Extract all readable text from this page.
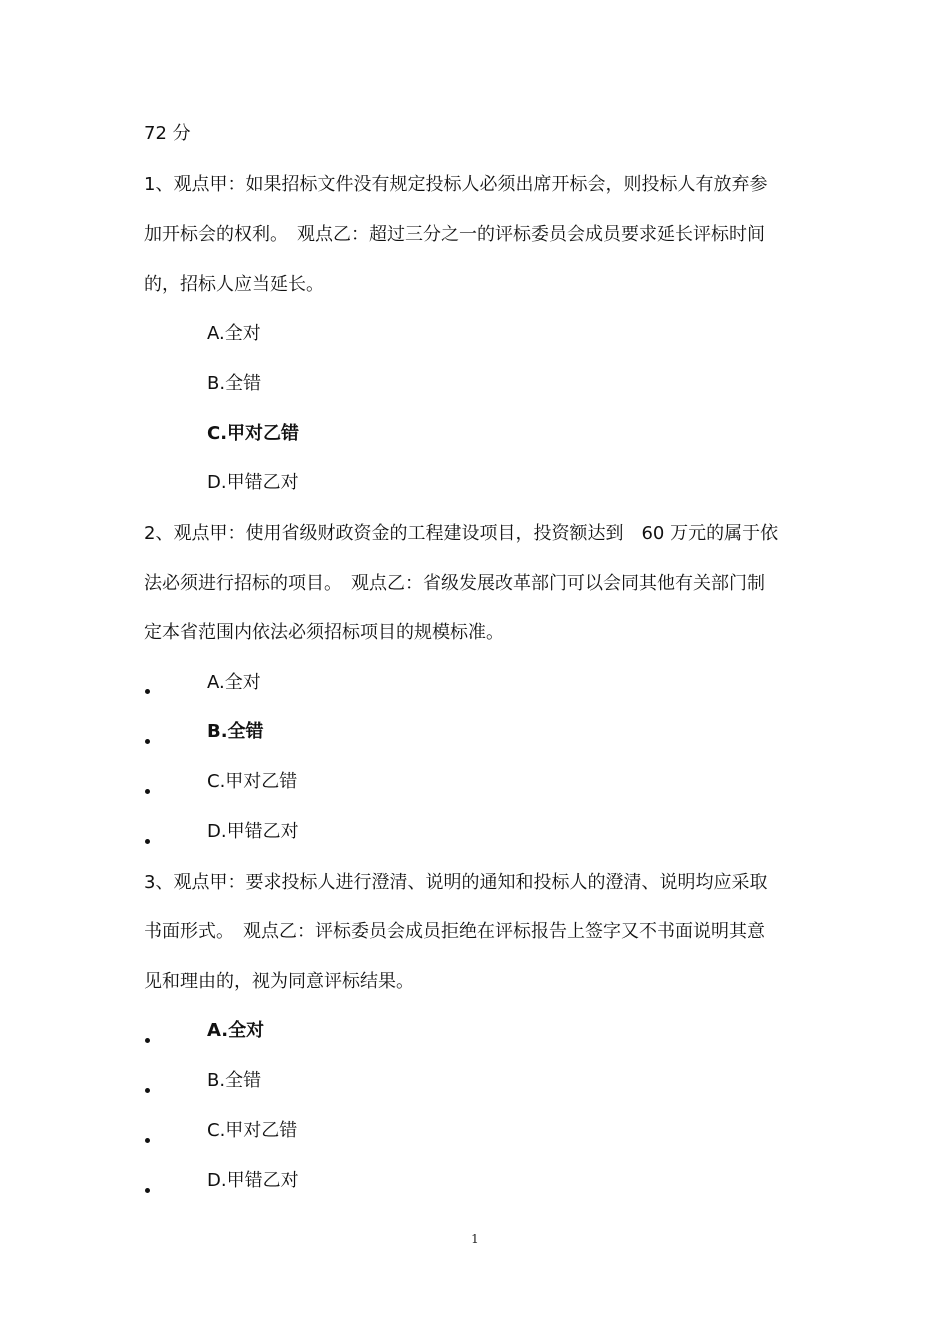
72 分
1、观点甲：如果招标文件没有规定投标人必须出席开标会，则投标人有放弃参
加开标会的权利。　观点乙：超过三分之一的评标委员会成员要求延长评标时间
的，招标人应当延长。
A.全对
B.全错
C.甲对乙错
D.甲错乙对
2、观点甲：使用省级财政资金的工程建设项目，投资额达到　60 万元的属于依
法必须进行招标的项目。　观点乙：省级发展改革部门可以会同其他有关部门制
定本省范围内依法必须招标项目的规模标准。
A.全对
B.全错
C.甲对乙错
D.甲错乙对
3、观点甲：要求投标人进行澄清、说明的通知和投标人的澄清、说明均应采取
书面形式。　观点乙：评标委员会成员拒绝在评标报告上签字又不书面说明其意
见和理由的，视为同意评标结果。
A.全对
B.全错
C.甲对乙错
D.甲错乙对
1
